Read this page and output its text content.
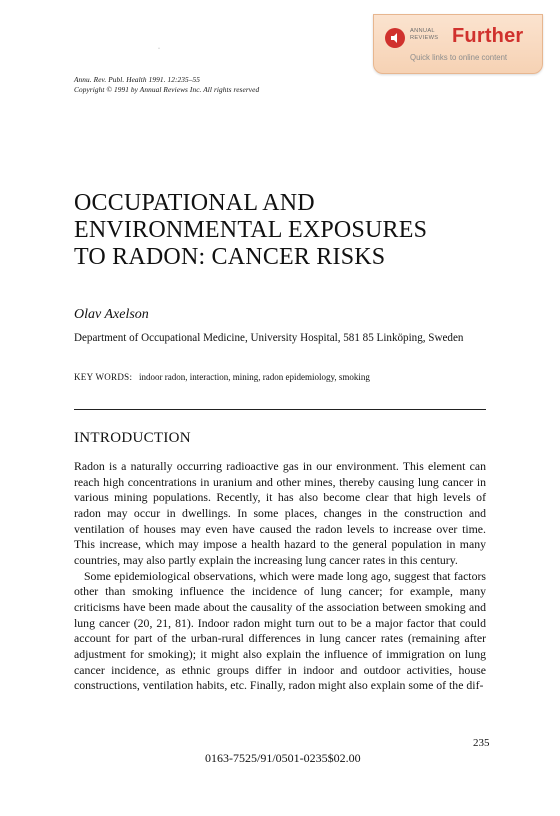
Annu. Rev. Publ. Health 1991. 12:235–55
Copyright © 1991 by Annual Reviews Inc. All rights reserved
·
ANNUAL
REVIEWS Further
Quick links to online content
OCCUPATIONAL AND
ENVIRONMENTAL EXPOSURES
TO RADON: CANCER RISKS
Olav Axelson
Department of Occupational Medicine, University Hospital, 581 85 Linköping, Sweden
KEY WORDS: indoor radon, interaction, mining, radon epidemiology, smoking
INTRODUCTION

Radon is a naturally occurring radioactive gas in our environment. This element can reach high concentrations in uranium and other mines, thereby causing lung cancer in various mining populations. Recently, it has also become clear that high levels of radon may occur in dwellings. In some places, changes in the construction and ventilation of houses may even have caused the radon levels to increase over time. This increase, which may impose a health hazard to the general population in many countries, may also partly explain the increasing lung cancer rates in this century.

Some epidemiological observations, which were made long ago, suggest that factors other than smoking influence the incidence of lung cancer; for example, many criticisms have been made about the causality of the association between smoking and lung cancer (20, 21, 81). Indoor radon might turn out to be a major factor that could account for part of the urban-rural differences in lung cancer rates (remaining after adjustment for smoking); it might also explain the influence of immigration on lung cancer incidence, as ethnic groups differ in indoor and outdoor activities, house constructions, ventilation habits, etc. Finally, radon might also explain some of the dif-

235
0163-7525/91/0501-0235$02.00
